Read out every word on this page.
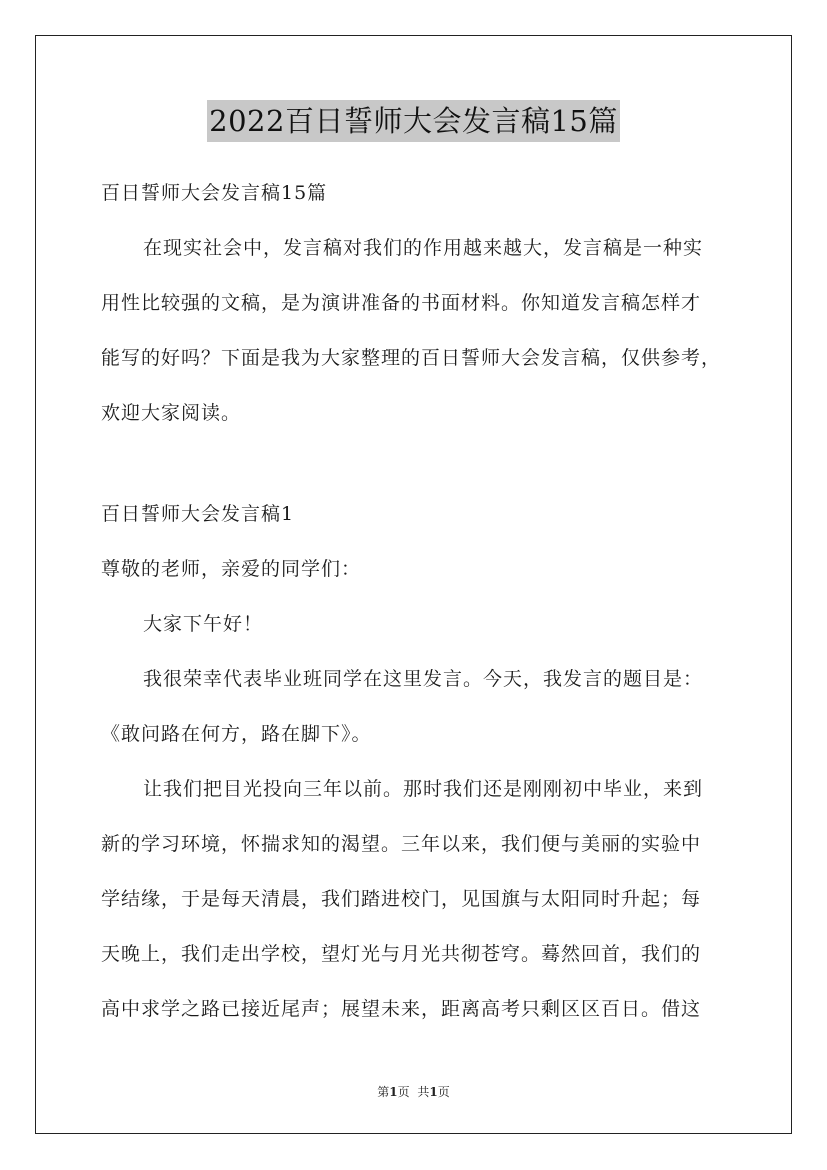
2022百日誓师大会发言稿15篇
百日誓师大会发言稿15篇
在现实社会中，发言稿对我们的作用越来越大，发言稿是一种实
用性比较强的文稿，是为演讲准备的书面材料。你知道发言稿怎样才
能写的好吗？下面是我为大家整理的百日誓师大会发言稿，仅供参考，
欢迎大家阅读。
百日誓师大会发言稿1
尊敬的老师，亲爱的同学们：
大家下午好！
我很荣幸代表毕业班同学在这里发言。今天，我发言的题目是：
《敢问路在何方，路在脚下》。
让我们把目光投向三年以前。那时我们还是刚刚初中毕业，来到
新的学习环境，怀揣求知的渴望。三年以来，我们便与美丽的实验中
学结缘，于是每天清晨，我们踏进校门，见国旗与太阳同时升起；每
天晚上，我们走出学校，望灯光与月光共彻苍穹。蓦然回首，我们的
高中求学之路已接近尾声；展望未来，距离高考只剩区区百日。借这
第1页 共1页
